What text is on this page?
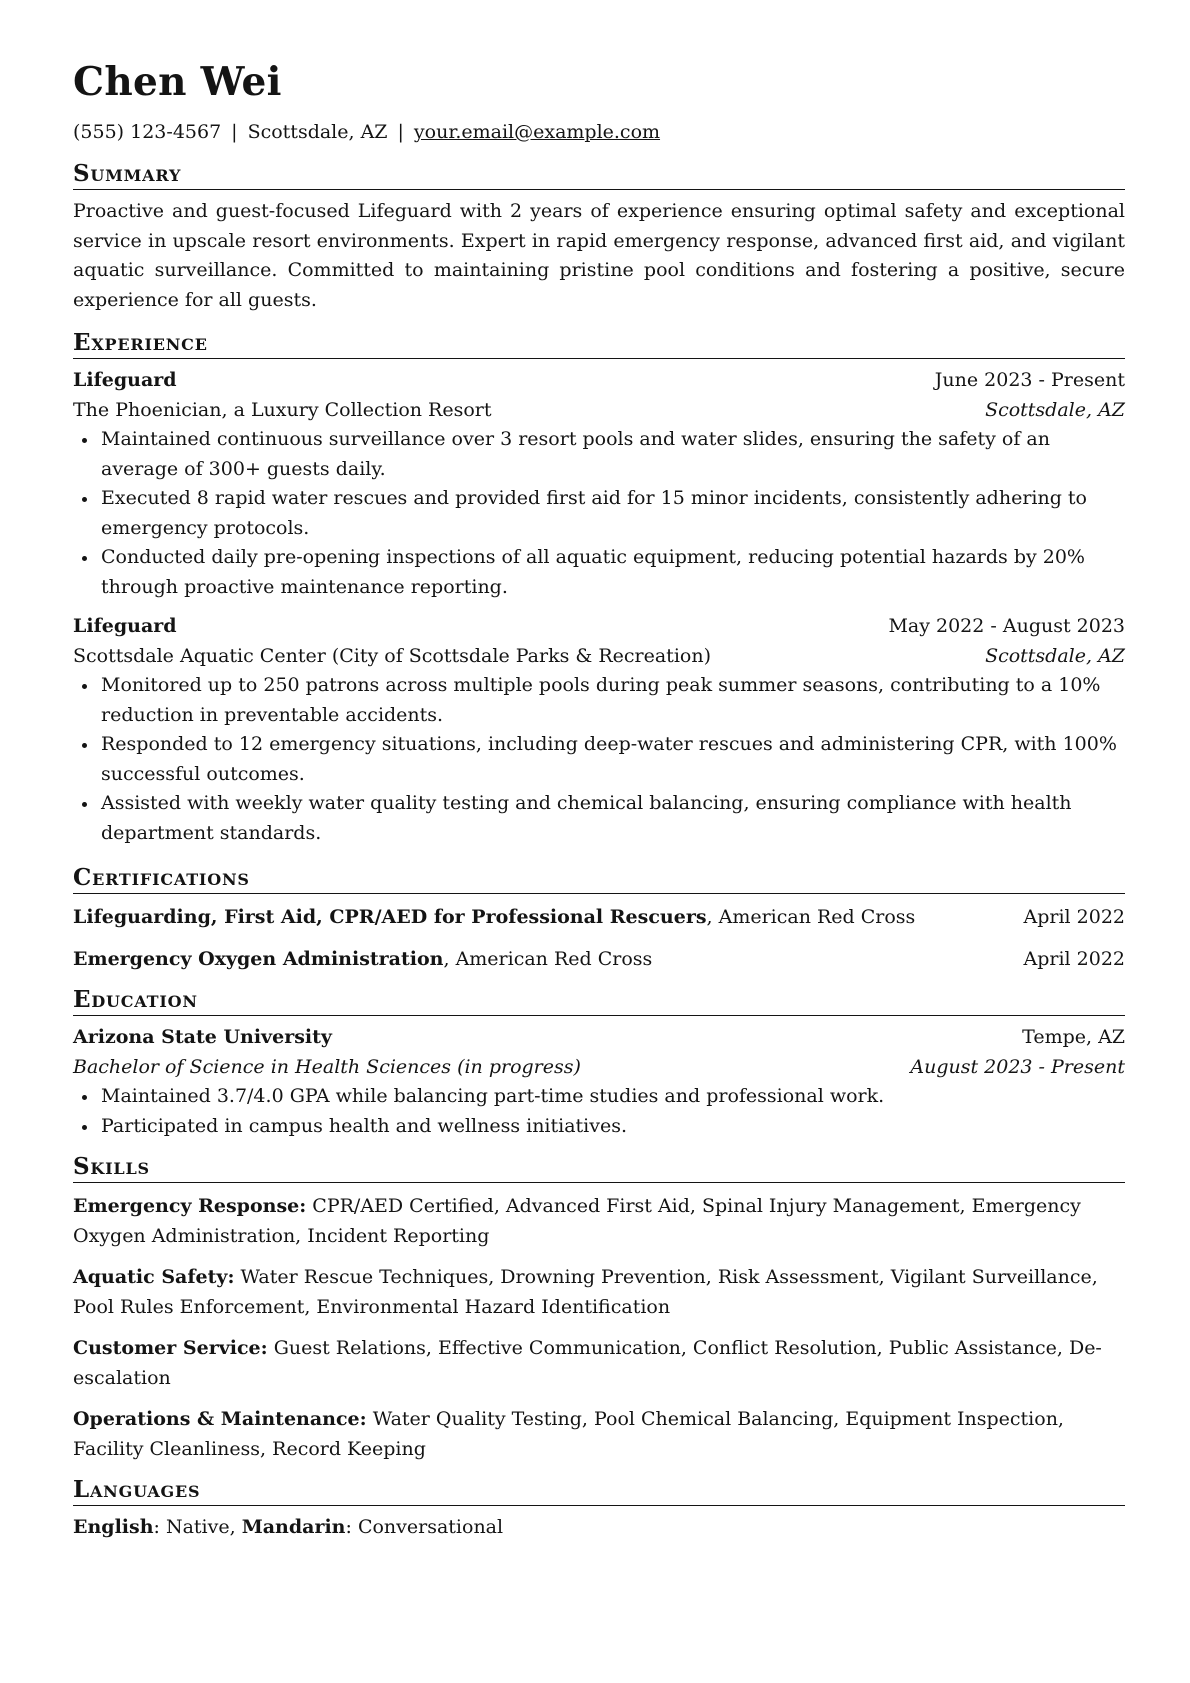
Chen Wei
(555) 123-4567 | Scottsdale, AZ | your.email@example.com
Summary
Proactive and guest-focused Lifeguard with 2 years of experience ensuring optimal safety and exceptional service in upscale resort environments. Expert in rapid emergency response, advanced first aid, and vigilant aquatic surveillance. Committed to maintaining pristine pool conditions and fostering a positive, secure experience for all guests.
Experience
Lifeguard	June 2023 - Present
The Phoenician, a Luxury Collection Resort	Scottsdale, AZ
Maintained continuous surveillance over 3 resort pools and water slides, ensuring the safety of an average of 300+ guests daily.
Executed 8 rapid water rescues and provided first aid for 15 minor incidents, consistently adhering to emergency protocols.
Conducted daily pre-opening inspections of all aquatic equipment, reducing potential hazards by 20% through proactive maintenance reporting.
Lifeguard	May 2022 - August 2023
Scottsdale Aquatic Center (City of Scottsdale Parks & Recreation)	Scottsdale, AZ
Monitored up to 250 patrons across multiple pools during peak summer seasons, contributing to a 10% reduction in preventable accidents.
Responded to 12 emergency situations, including deep-water rescues and administering CPR, with 100% successful outcomes.
Assisted with weekly water quality testing and chemical balancing, ensuring compliance with health department standards.
Certifications
Lifeguarding, First Aid, CPR/AED for Professional Rescuers, American Red Cross	April 2022
Emergency Oxygen Administration, American Red Cross	April 2022
Education
Arizona State University	Tempe, AZ
Bachelor of Science in Health Sciences (in progress)	August 2023 - Present
Maintained 3.7/4.0 GPA while balancing part-time studies and professional work.
Participated in campus health and wellness initiatives.
Skills
Emergency Response: CPR/AED Certified, Advanced First Aid, Spinal Injury Management, Emergency Oxygen Administration, Incident Reporting
Aquatic Safety: Water Rescue Techniques, Drowning Prevention, Risk Assessment, Vigilant Surveillance, Pool Rules Enforcement, Environmental Hazard Identification
Customer Service: Guest Relations, Effective Communication, Conflict Resolution, Public Assistance, De-escalation
Operations & Maintenance: Water Quality Testing, Pool Chemical Balancing, Equipment Inspection, Facility Cleanliness, Record Keeping
Languages
English: Native, Mandarin: Conversational
